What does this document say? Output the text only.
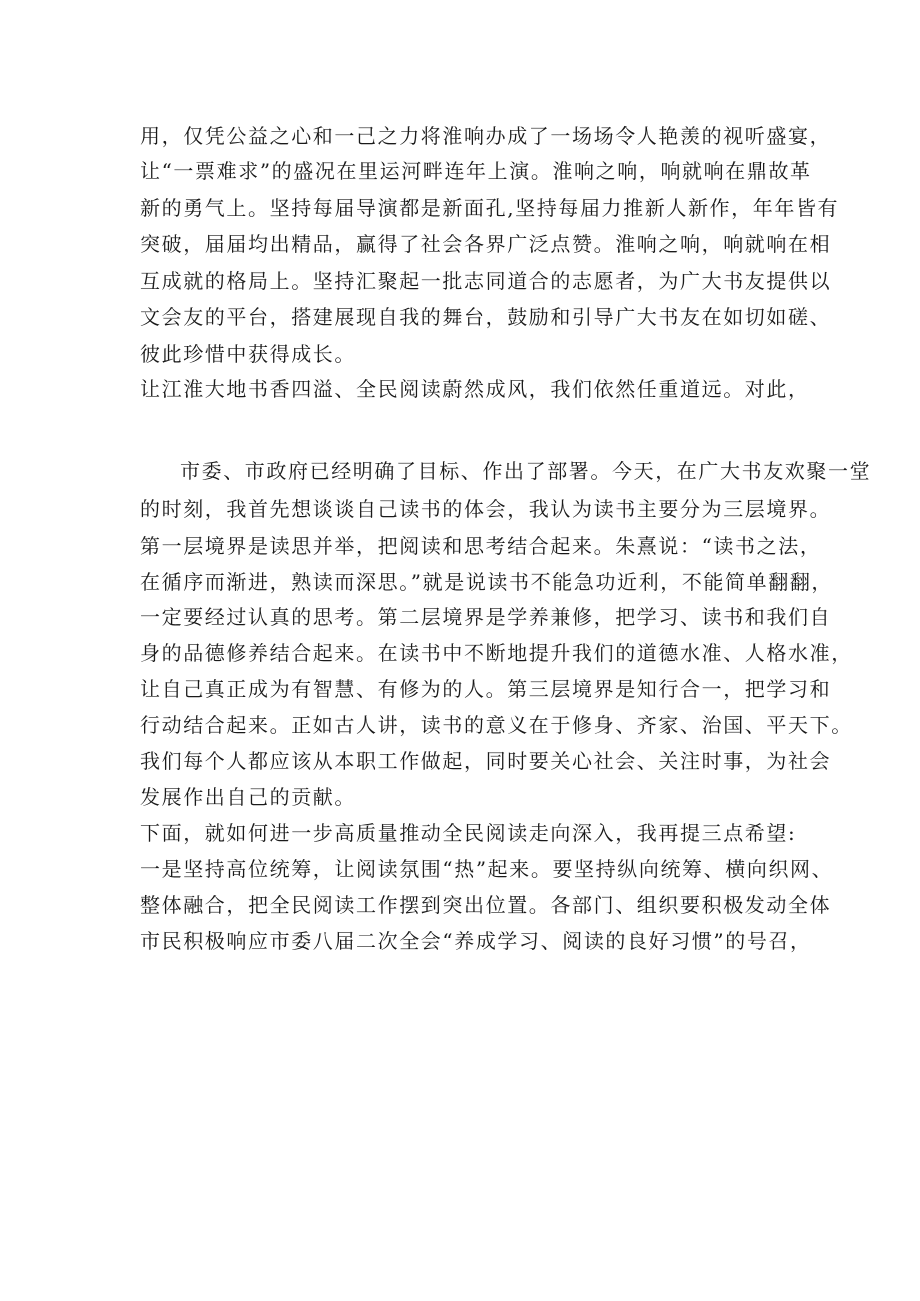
用，仅凭公益之心和一己之力将淮响办成了一场场令人艳羡的视听盛宴，
让“一票难求”的盛况在里运河畔连年上演。淮响之响，响就响在鼎故革
新的勇气上。坚持每届导演都是新面孔,坚持每届力推新人新作，年年皆有
突破，届届均出精品，赢得了社会各界广泛点赞。淮响之响，响就响在相
互成就的格局上。坚持汇聚起一批志同道合的志愿者，为广大书友提供以
文会友的平台，搭建展现自我的舞台，鼓励和引导广大书友在如切如磋、
彼此珍惜中获得成长。
让江淮大地书香四溢、全民阅读蔚然成风，我们依然任重道远。对此，
市委、市政府已经明确了目标、作出了部署。今天，在广大书友欢聚一堂
的时刻，我首先想谈谈自己读书的体会，我认为读书主要分为三层境界。
第一层境界是读思并举，把阅读和思考结合起来。朱熹说：“读书之法，
在循序而渐进，熟读而深思。”就是说读书不能急功近利，不能简单翻翻，
一定要经过认真的思考。第二层境界是学养兼修，把学习、读书和我们自
身的品德修养结合起来。在读书中不断地提升我们的道德水准、人格水准，
让自己真正成为有智慧、有修为的人。第三层境界是知行合一，把学习和
行动结合起来。正如古人讲，读书的意义在于修身、齐家、治国、平天下。
我们每个人都应该从本职工作做起，同时要关心社会、关注时事，为社会
发展作出自己的贡献。
下面，就如何进一步高质量推动全民阅读走向深入，我再提三点希望:
一是坚持高位统筹，让阅读氛围“热”起来。要坚持纵向统筹、横向织网、
整体融合，把全民阅读工作摆到突出位置。各部门、组织要积极发动全体
市民积极响应市委八届二次全会“养成学习、阅读的良好习惯”的号召，
